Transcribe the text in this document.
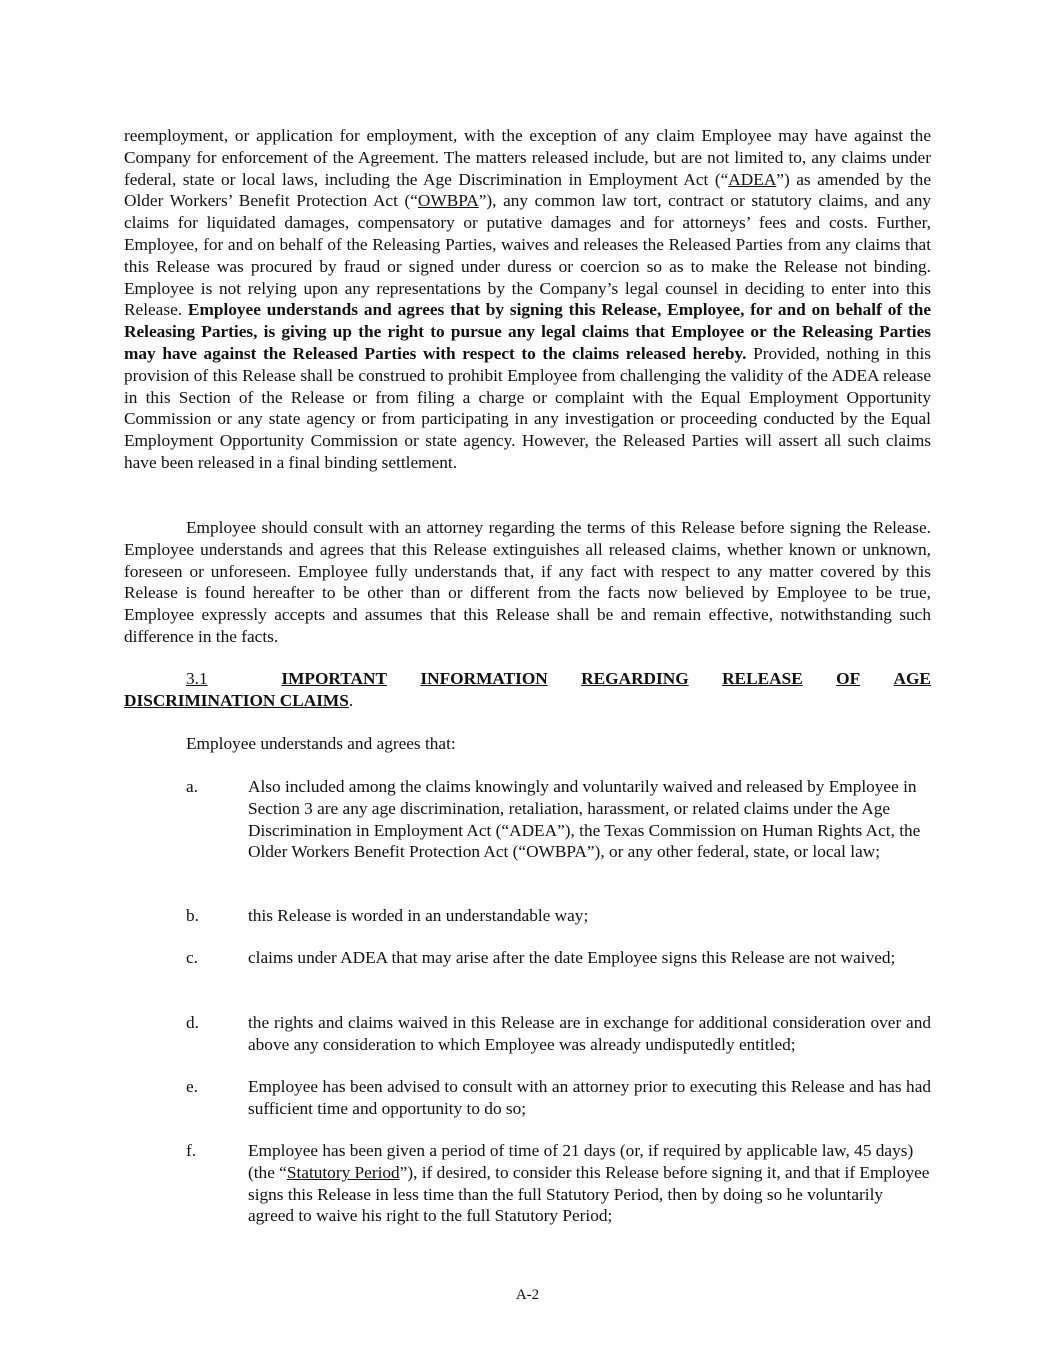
reemployment, or application for employment, with the exception of any claim Employee may have against the Company for enforcement of the Agreement. The matters released include, but are not limited to, any claims under federal, state or local laws, including the Age Discrimination in Employment Act (“ADEA”) as amended by the Older Workers’ Benefit Protection Act (“OWBPA”), any common law tort, contract or statutory claims, and any claims for liquidated damages, compensatory or putative damages and for attorneys’ fees and costs. Further, Employee, for and on behalf of the Releasing Parties, waives and releases the Released Parties from any claims that this Release was procured by fraud or signed under duress or coercion so as to make the Release not binding. Employee is not relying upon any representations by the Company’s legal counsel in deciding to enter into this Release. Employee understands and agrees that by signing this Release, Employee, for and on behalf of the Releasing Parties, is giving up the right to pursue any legal claims that Employee or the Releasing Parties may have against the Released Parties with respect to the claims released hereby. Provided, nothing in this provision of this Release shall be construed to prohibit Employee from challenging the validity of the ADEA release in this Section of the Release or from filing a charge or complaint with the Equal Employment Opportunity Commission or any state agency or from participating in any investigation or proceeding conducted by the Equal Employment Opportunity Commission or state agency. However, the Released Parties will assert all such claims have been released in a final binding settlement.

Employee should consult with an attorney regarding the terms of this Release before signing the Release. Employee understands and agrees that this Release extinguishes all released claims, whether known or unknown, foreseen or unforeseen. Employee fully understands that, if any fact with respect to any matter covered by this Release is found hereafter to be other than or different from the facts now believed by Employee to be true, Employee expressly accepts and assumes that this Release shall be and remain effective, notwithstanding such difference in the facts.

3.1	IMPORTANT INFORMATION REGARDING RELEASE OF AGE
DISCRIMINATION CLAIMS.

Employee understands and agrees that:

a.	Also included among the claims knowingly and voluntarily waived and released by Employee in Section 3 are any age discrimination, retaliation, harassment, or related claims under the Age Discrimination in Employment Act (“ADEA”), the Texas Commission on Human Rights Act, the Older Workers Benefit Protection Act (“OWBPA”), or any other federal, state, or local law;
b.	this Release is worded in an understandable way;
c.	claims under ADEA that may arise after the date Employee signs this Release are not waived;
d.	the rights and claims waived in this Release are in exchange for additional consideration over and above any consideration to which Employee was already undisputedly entitled;
e.	Employee has been advised to consult with an attorney prior to executing this Release and has had sufficient time and opportunity to do so;
f.	Employee has been given a period of time of 21 days (or, if required by applicable law, 45 days) (the “Statutory Period”), if desired, to consider this Release before signing it, and that if Employee signs this Release in less time than the full Statutory Period, then by doing so he voluntarily agreed to waive his right to the full Statutory Period;
A-2
